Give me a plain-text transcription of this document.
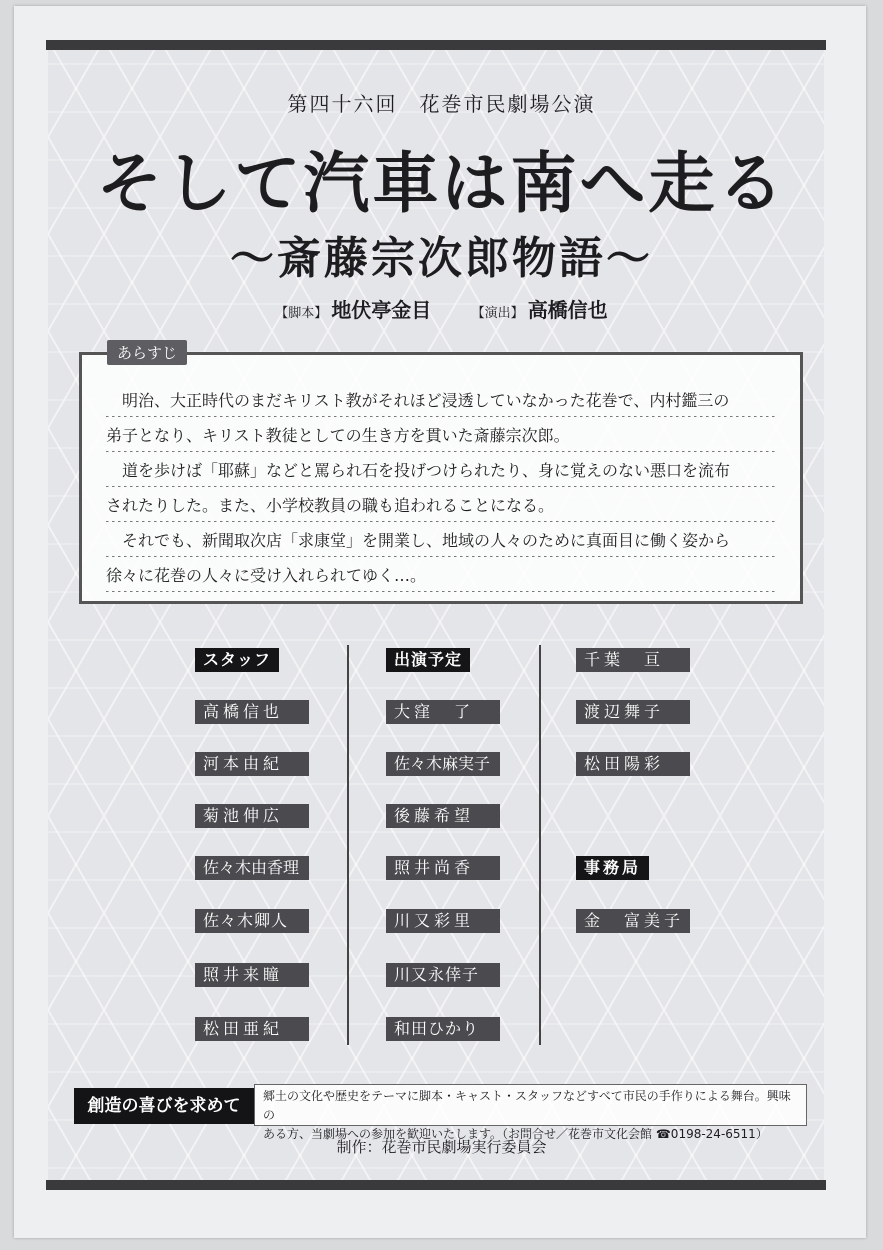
第四十六回　花巻市民劇場公演
そして汽車は南へ走る
〜斎藤宗次郎物語〜
【脚本】 地伏亭金目	【演出】 高橋信也
明治、大正時代のまだキリスト教がそれほど浸透していなかった花巻で、内村鑑三の
弟子となり、キリスト教徒としての生き方を貫いた斎藤宗次郎。
道を歩けば「耶蘇」などと罵られ石を投げつけられたり、身に覚えのない悪口を流布
されたりした。また、小学校教員の職も追われることになる。
それでも、新聞取次店「求康堂」を開業し、地域の人々のために真面目に働く姿から
徐々に花巻の人々に受け入れられてゆく…。
あらすじ
スタッフ
高橋信也
河本由紀
菊池伸広
佐々木由香理
佐々木卿人
照井来瞳
松田亜紀
出演予定
大窪　了
佐々木麻実子
後藤希望
照井尚香
川又彩里
川又永倖子
和田ひかり
千葉　亘
渡辺舞子
松田陽彩
事務局
金　富美子
創造の喜びを求めて	郷土の文化や歴史をテーマに脚本・キャスト・スタッフなどすべて市民の手作りによる舞台。興味の
ある方、当劇場への参加を歓迎いたします。（お問合せ／花巻市文化会館 ☎0198-24-6511）
制作：花巻市民劇場実行委員会
